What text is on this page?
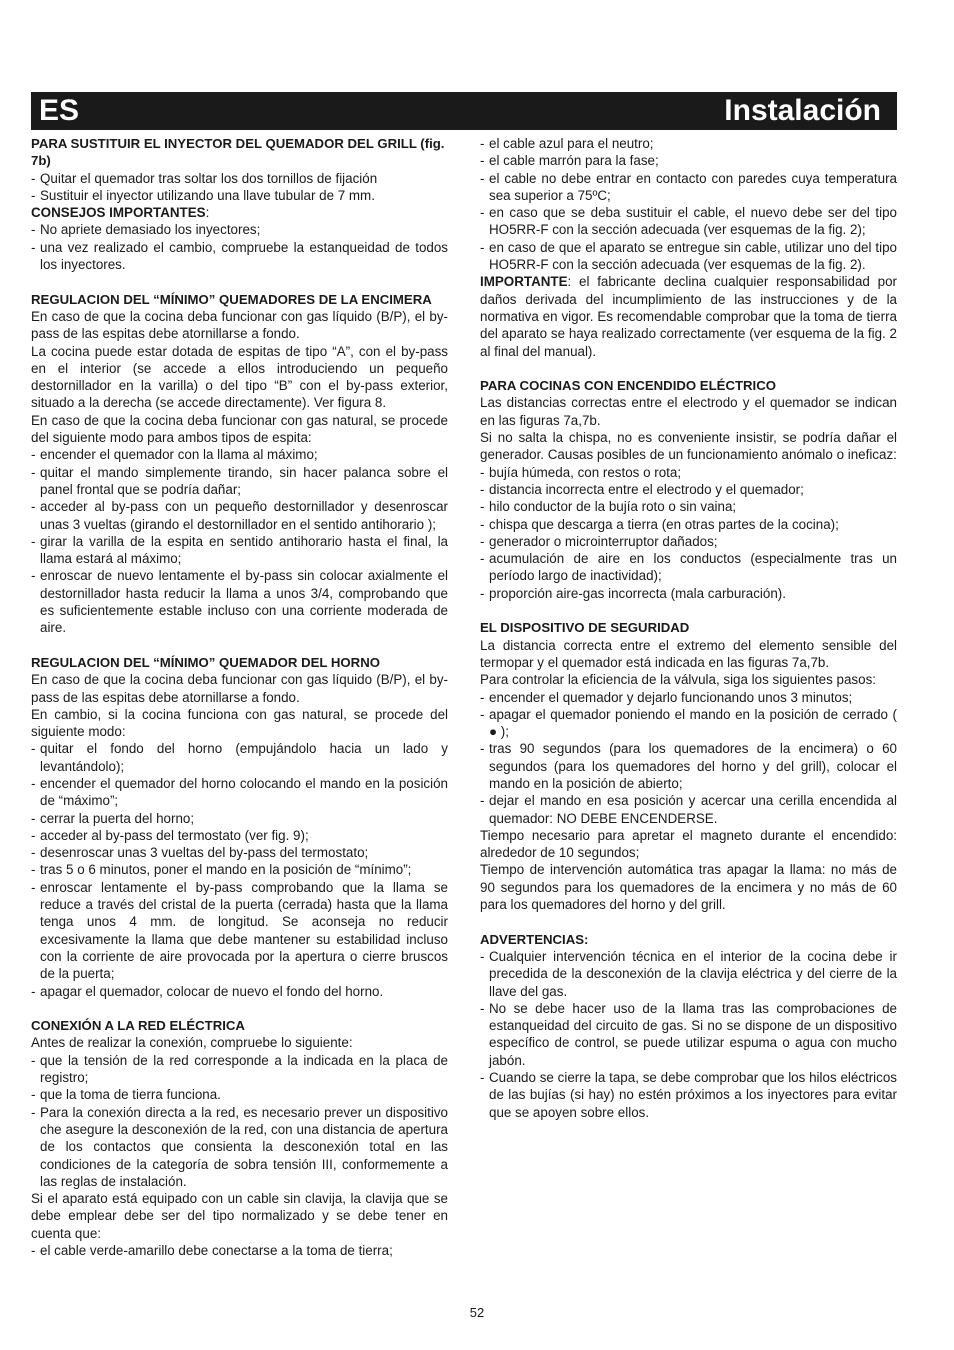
ES	Instalación
PARA SUSTITUIR EL INYECTOR DEL QUEMADOR DEL GRILL (fig. 7b)
- Quitar el quemador tras soltar los dos tornillos de fijación
- Sustituir el inyector utilizando una llave tubular de 7 mm.

CONSEJOS IMPORTANTES:

- No apriete demasiado los inyectores;
- una vez realizado el cambio, compruebe la estanqueidad de todos los inyectores.
REGULACION DEL “MÍNIMO” QUEMADORES DE LA ENCIMERA

En caso de que la cocina deba funcionar con gas líquido (B/P), el by-pass de las espitas debe atornillarse a fondo.

La cocina puede estar dotada de espitas de tipo “A”, con el by-pass en el interior (se accede a ellos introduciendo un pequeño destornillador en la varilla) o del tipo “B” con el by-pass exterior, situado a la derecha (se accede directamente). Ver figura 8.

En caso de que la cocina deba funcionar con gas natural, se procede del siguiente modo para ambos tipos de espita:

- encender el quemador con la llama al máximo;
- quitar el mando simplemente tirando, sin hacer palanca sobre el panel frontal que se podría dañar;
- acceder al by-pass con un pequeño destornillador y desenroscar unas 3 vueltas (girando el destornillador en el sentido antihorario );
- girar la varilla de la espita en sentido antihorario hasta el final, la llama estará al máximo;
- enroscar de nuevo lentamente el by-pass sin colocar axialmente el destornillador hasta reducir la llama a unos 3/4, comprobando que es suficientemente estable incluso con una corriente moderada de aire.
REGULACION DEL “MÍNIMO” QUEMADOR DEL HORNO

En caso de que la cocina deba funcionar con gas líquido (B/P), el by-pass de las espitas debe atornillarse a fondo.

En cambio, si la cocina funciona con gas natural, se procede del siguiente modo:

- quitar el fondo del horno (empujándolo hacia un lado y levantándolo);
- encender el quemador del horno colocando el mando en la posición de “máximo”;
- cerrar la puerta del horno;
- acceder al by-pass del termostato (ver fig. 9);
- desenroscar unas 3 vueltas del by-pass del termostato;
- tras 5 o 6 minutos, poner el mando en la posición de “mínimo”;
- enroscar lentamente el by-pass comprobando que la llama se reduce a través del cristal de la puerta (cerrada) hasta que la llama tenga unos 4 mm. de longitud. Se aconseja no reducir excesivamente la llama que debe mantener su estabilidad incluso con la corriente de aire provocada por la apertura o cierre bruscos de la puerta;
- apagar el quemador, colocar de nuevo el fondo del horno.
CONEXIÓN A LA RED ELÉCTRICA

Antes de realizar la conexión, compruebe lo siguiente:

- que la tensión de la red corresponde a la indicada en la placa de registro;
- que la toma de tierra funciona.
- Para la conexión directa a la red, es necesario prever un dispositivo che asegure la desconexión de la red, con una distancia de apertura de los contactos que consienta la desconexión total en las condiciones de la categoría de sobra tensión III, conformemente a las reglas de instalación.

Si el aparato está equipado con un cable sin clavija, la clavija que se debe emplear debe ser del tipo normalizado y se debe tener en cuenta que:

- el cable verde-amarillo debe conectarse a la toma de tierra;
- el cable azul para el neutro;
- el cable marrón para la fase;
- el cable no debe entrar en contacto con paredes cuya temperatura sea superior a 75ºC;
- en caso que se deba sustituir el cable, el nuevo debe ser del tipo HO5RR-F con la sección adecuada (ver esquemas de la fig. 2);
- en caso de que el aparato se entregue sin cable, utilizar uno del tipo HO5RR-F con la sección adecuada (ver esquemas de la fig. 2).

IMPORTANTE: el fabricante declina cualquier responsabilidad por daños derivada del incumplimiento de las instrucciones y de la normativa en vigor. Es recomendable comprobar que la toma de tierra del aparato se haya realizado correctamente (ver esquema de la fig. 2 al final del manual).

PARA COCINAS CON ENCENDIDO ELÉCTRICO

Las distancias correctas entre el electrodo y el quemador se indican en las figuras 7a,7b.

Si no salta la chispa, no es conveniente insistir, se podría dañar el generador. Causas posibles de un funcionamiento anómalo o ineficaz:

- bujía húmeda, con restos o rota;
- distancia incorrecta entre el electrodo y el quemador;
- hilo conductor de la bujía roto o sin vaina;
- chispa que descarga a tierra (en otras partes de la cocina);
- generador o microinterruptor dañados;
- acumulación de aire en los conductos (especialmente tras un período largo de inactividad);
- proporción aire-gas incorrecta (mala carburación).
EL DISPOSITIVO DE SEGURIDAD

La distancia correcta entre el extremo del elemento sensible del termopar y el quemador está indicada en las figuras 7a,7b.

Para controlar la eficiencia de la válvula, siga los siguientes pasos:

- encender el quemador y dejarlo funcionando unos 3 minutos;
- apagar el quemador poniendo el mando en la posición de cerrado ( ● );
- tras 90 segundos (para los quemadores de la encimera) o 60 segundos (para los quemadores del horno y del grill), colocar el mando en la posición de abierto;
- dejar el mando en esa posición y acercar una cerilla encendida al quemador: NO DEBE ENCENDERSE.

Tiempo necesario para apretar el magneto durante el encendido: alrededor de 10 segundos;

Tiempo de intervención automática tras apagar la llama: no más de 90 segundos para los quemadores de la encimera y no más de 60 para los quemadores del horno y del grill.

ADVERTENCIAS:
- Cualquier intervención técnica en el interior de la cocina debe ir precedida de la desconexión de la clavija eléctrica y del cierre de la llave del gas.
- No se debe hacer uso de la llama tras las comprobaciones de estanqueidad del circuito de gas. Si no se dispone de un dispositivo específico de control, se puede utilizar espuma o agua con mucho jabón.
- Cuando se cierre la tapa, se debe comprobar que los hilos eléctricos de las bujías (si hay) no estén próximos a los inyectores para evitar que se apoyen sobre ellos.
52
